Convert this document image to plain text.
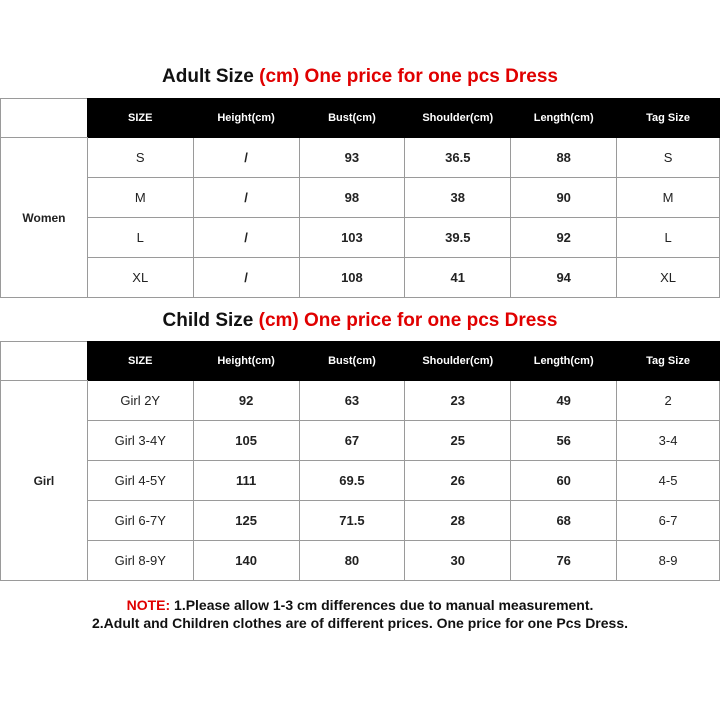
Adult Size (cm) One price for one pcs Dress
	SIZE	Height(cm)	Bust(cm)	Shoulder(cm)	Length(cm)	Tag Size
Women	S	/	93	36.5	88	S
	M	/	98	38	90	M
	L	/	103	39.5	92	L
	XL	/	108	41	94	XL
Child Size (cm) One price for one pcs Dress
	SIZE	Height(cm)	Bust(cm)	Shoulder(cm)	Length(cm)	Tag Size
Girl	Girl 2Y	92	63	23	49	2
	Girl 3-4Y	105	67	25	56	3-4
	Girl 4-5Y	111	69.5	26	60	4-5
	Girl 6-7Y	125	71.5	28	68	6-7
	Girl 8-9Y	140	80	30	76	8-9
NOTE: 1.Please allow 1-3 cm differences due to manual measurement.
2.Adult and Children clothes are of different prices. One price for one Pcs Dress.
